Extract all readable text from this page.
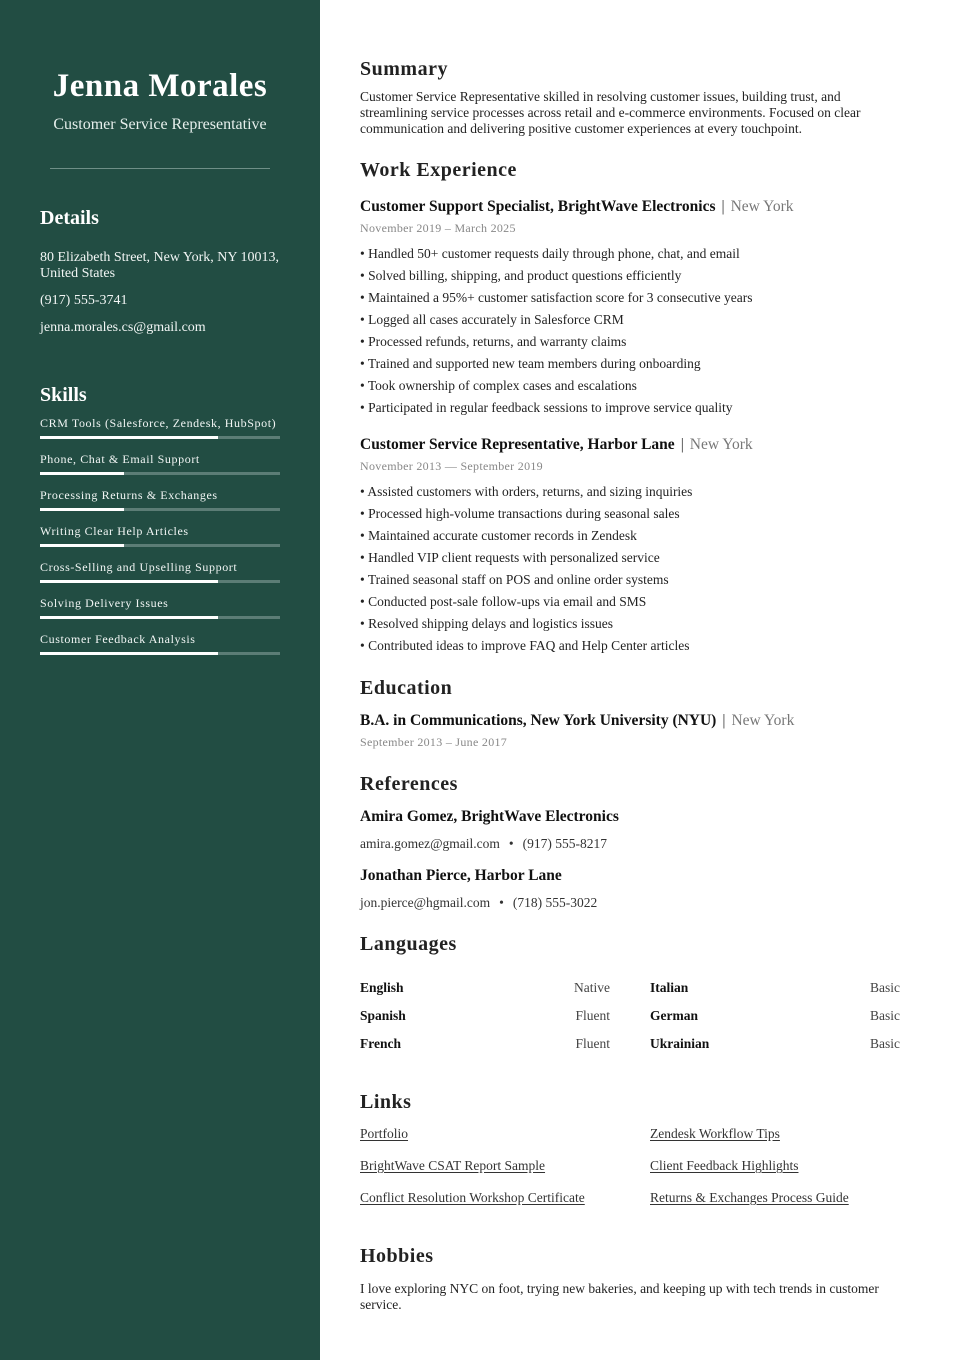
Jenna Morales
Customer Service Representative
Details
80 Elizabeth Street, New York, NY 10013, United States
(917) 555-3741
jenna.morales.cs@gmail.com
Skills
CRM Tools (Salesforce, Zendesk, HubSpot)
Phone, Chat & Email Support
Processing Returns & Exchanges
Writing Clear Help Articles
Cross-Selling and Upselling Support
Solving Delivery Issues
Customer Feedback Analysis
Summary
Customer Service Representative skilled in resolving customer issues, building trust, and streamlining service processes across retail and e-commerce environments. Focused on clear communication and delivering positive customer experiences at every touchpoint.
Work Experience
Customer Support Specialist, BrightWave Electronics | New York
November 2019 – March 2025
• Handled 50+ customer requests daily through phone, chat, and email
• Solved billing, shipping, and product questions efficiently
• Maintained a 95%+ customer satisfaction score for 3 consecutive years
• Logged all cases accurately in Salesforce CRM
• Processed refunds, returns, and warranty claims
• Trained and supported new team members during onboarding
• Took ownership of complex cases and escalations
• Participated in regular feedback sessions to improve service quality
Customer Service Representative, Harbor Lane | New York
November 2013 — September 2019
• Assisted customers with orders, returns, and sizing inquiries
• Processed high-volume transactions during seasonal sales
• Maintained accurate customer records in Zendesk
• Handled VIP client requests with personalized service
• Trained seasonal staff on POS and online order systems
• Conducted post-sale follow-ups via email and SMS
• Resolved shipping delays and logistics issues
• Contributed ideas to improve FAQ and Help Center articles
Education
B.A. in Communications, New York University (NYU) | New York
September 2013 – June 2017
References
Amira Gomez, BrightWave Electronics
amira.gomez@gmail.com • (917) 555-8217
Jonathan Pierce, Harbor Lane
jon.pierce@hgmail.com • (718) 555-3022
Languages
English	Native	Italian	Basic
Spanish	Fluent	German	Basic
French	Fluent	Ukrainian	Basic
Links
Portfolio	Zendesk Workflow Tips
BrightWave CSAT Report Sample	Client Feedback Highlights
Conflict Resolution Workshop Certificate	Returns & Exchanges Process Guide
Hobbies
I love exploring NYC on foot, trying new bakeries, and keeping up with tech trends in customer service.
